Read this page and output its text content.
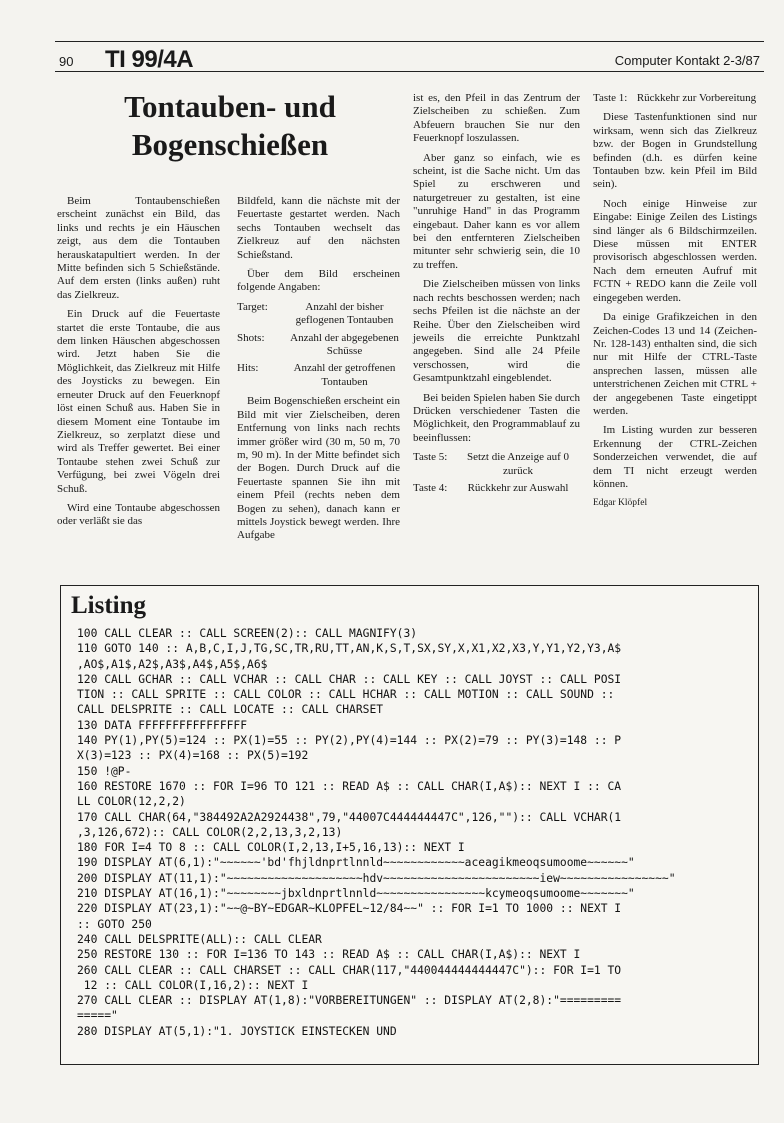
90 TI 99/4A	Computer Kontakt 2-3/87
Tontauben- und
Bogenschießen

Beim Tontaubenschießen erscheint zunächst ein Bild, das links und rechts je ein Häuschen zeigt, aus dem die Tontauben herauskatapultiert werden. In der Mitte befinden sich 5 Schießstände. Auf dem ersten (links außen) ruht das Zielkreuz.

Ein Druck auf die Feuertaste startet die erste Tontaube, die aus dem linken Häuschen abgeschossen wird. Jetzt haben Sie die Möglichkeit, das Zielkreuz mit Hilfe des Joysticks zu bewegen. Ein erneuter Druck auf den Feuerknopf löst einen Schuß aus. Haben Sie in diesem Moment eine Tontaube im Zielkreuz, so zerplatzt diese und wird als Treffer gewertet. Bei einer Tontaube stehen zwei Schuß zur Verfügung, bei zwei Vögeln drei Schuß.

Wird eine Tontaube abgeschossen oder verläßt sie das

Bildfeld, kann die nächste mit der Feuertaste gestartet werden. Nach sechs Tontauben wechselt das Zielkreuz auf den nächsten Schießstand.

Über dem Bild erscheinen folgende Angaben:

Target:	Anzahl der bisher geflogenen Tontauben
Shots:	Anzahl der abgegebenen Schüsse
Hits:	Anzahl der getroffenen Tontauben

Beim Bogenschießen erscheint ein Bild mit vier Zielscheiben, deren Entfernung von links nach rechts immer größer wird (30 m, 50 m, 70 m, 90 m). In der Mitte befindet sich der Bogen. Durch Druck auf die Feuertaste spannen Sie ihn mit einem Pfeil (rechts neben dem Bogen zu sehen), danach kann er mittels Joystick bewegt werden. Ihre Aufgabe

ist es, den Pfeil in das Zentrum der Zielscheiben zu schießen. Zum Abfeuern brauchen Sie nur den Feuerknopf loszulassen.

Aber ganz so einfach, wie es scheint, ist die Sache nicht. Um das Spiel zu erschweren und naturgetreuer zu gestalten, ist eine "unruhige Hand" in das Programm eingebaut. Daher kann es vor allem bei den entfernteren Zielscheiben mitunter sehr schwierig sein, die 10 zu treffen.

Die Zielscheiben müssen von links nach rechts beschossen werden; nach sechs Pfeilen ist die nächste an der Reihe. Über den Zielscheiben wird jeweils die erreichte Punktzahl angegeben. Sind alle 24 Pfeile verschossen, wird die Gesamtpunktzahl eingeblendet.

Bei beiden Spielen haben Sie durch Drücken verschiedener Tasten die Möglichkeit, den Programmablauf zu beeinflussen:

Taste 5:	Setzt die Anzeige auf 0 zurück
Taste 4:	Rückkehr zur Auswahl
Taste 1: Rückkehr zur Vorbereitung

Diese Tastenfunktionen sind nur wirksam, wenn sich das Zielkreuz bzw. der Bogen in Grundstellung befinden (d.h. es dürfen keine Tontauben bzw. kein Pfeil im Bild sein).

Noch einige Hinweise zur Eingabe: Einige Zeilen des Listings sind länger als 6 Bildschirmzeilen. Diese müssen mit ENTER provisorisch abgeschlossen werden. Nach dem erneuten Aufruf mit FCTN + REDO kann die Zeile voll eingegeben werden.

Da einige Grafikzeichen in den Zeichen-Codes 13 und 14 (Zeichen-Nr. 128-143) enthalten sind, die sich nur mit Hilfe der CTRL-Taste ansprechen lassen, müssen alle unterstrichenen Zeichen mit CTRL + der angegebenen Taste eingetippt werden.

Im Listing wurden zur besseren Erkennung der CTRL-Zeichen Sonderzeichen verwendet, die auf dem TI nicht erzeugt werden können.

Edgar Klöpfel

Listing
100 CALL CLEAR :: CALL SCREEN(2):: CALL MAGNIFY(3)
110 GOTO 140 :: A,B,C,I,J,TG,SC,TR,RU,TT,AN,K,S,T,SX,SY,X,X1,X2,X3,Y,Y1,Y2,Y3,A$
,AO$,A1$,A2$,A3$,A4$,A5$,A6$
120 CALL GCHAR :: CALL VCHAR :: CALL CHAR :: CALL KEY :: CALL JOYST :: CALL POSI
TION :: CALL SPRITE :: CALL COLOR :: CALL HCHAR :: CALL MOTION :: CALL SOUND ::
CALL DELSPRITE :: CALL LOCATE :: CALL CHARSET
130 DATA FFFFFFFFFFFFFFFF
140 PY(1),PY(5)=124 :: PX(1)=55 :: PY(2),PY(4)=144 :: PX(2)=79 :: PY(3)=148 :: P
X(3)=123 :: PX(4)=168 :: PX(5)=192
150 !@P-
160 RESTORE 1670 :: FOR I=96 TO 121 :: READ A$ :: CALL CHAR(I,A$):: NEXT I :: CA
LL COLOR(12,2,2)
170 CALL CHAR(64,"384492A2A2924438",79,"44007C444444447C",126,""):: CALL VCHAR(1
,3,126,672):: CALL COLOR(2,2,13,3,2,13)
180 FOR I=4 TO 8 :: CALL COLOR(I,2,13,I+5,16,13):: NEXT I
190 DISPLAY AT(6,1):"~~~~~~'bd'fhjldnprtlnnld~~~~~~~~~~~~aceagikmeoqsumoome~~~~~~"
200 DISPLAY AT(11,1):"~~~~~~~~~~~~~~~~~~~~hdv~~~~~~~~~~~~~~~~~~~~~~~iew~~~~~~~~~~~~~~~~"
210 DISPLAY AT(16,1):"~~~~~~~~jbxldnprtlnnld~~~~~~~~~~~~~~~~kcymeoqsumoome~~~~~~~"
220 DISPLAY AT(23,1):"~~@~BY~EDGAR~KLOPFEL~12/84~~" :: FOR I=1 TO 1000 :: NEXT I
:: GOTO 250
240 CALL DELSPRITE(ALL):: CALL CLEAR
250 RESTORE 130 :: FOR I=136 TO 143 :: READ A$ :: CALL CHAR(I,A$):: NEXT I
260 CALL CLEAR :: CALL CHARSET :: CALL CHAR(117,"440044444444447C"):: FOR I=1 TO
12 :: CALL COLOR(I,16,2):: NEXT I
270 CALL CLEAR :: DISPLAY AT(1,8):"VORBEREITUNGEN" :: DISPLAY AT(2,8):"=========
====="
280 DISPLAY AT(5,1):"1. JOYSTICK EINSTECKEN UND
